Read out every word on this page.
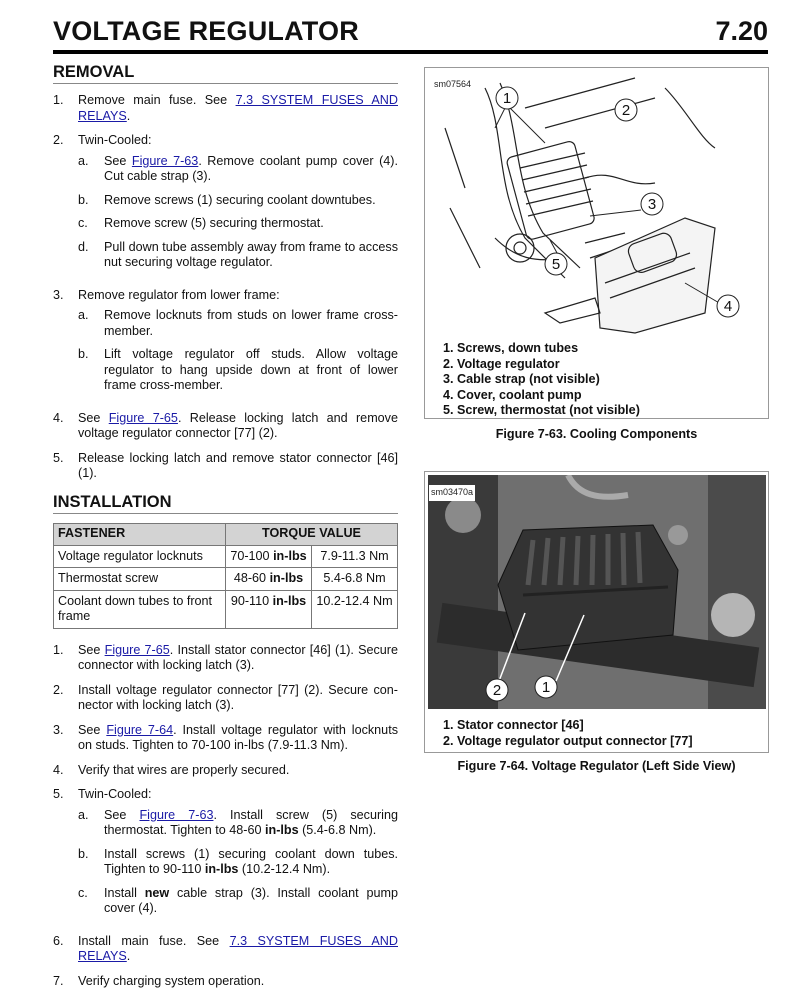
VOLTAGE REGULATOR	7.20
REMOVAL
1.	Remove main fuse. See 7.3 SYSTEM FUSES AND RELAYS.
2.	Twin-Cooled:
a.	See Figure 7-63. Remove coolant pump cover (4). Cut cable strap (3).
b.	Remove screws (1) securing coolant downtubes.
c.	Remove screw (5) securing thermostat.
d.	Pull down tube assembly away from frame to access nut securing voltage regulator.
3.	Remove regulator from lower frame:
a.	Remove locknuts from studs on lower frame cross-member.
b.	Lift voltage regulator off studs. Allow voltage regulator to hang upside down at front of lower frame cross-member.
4.	See Figure 7-65. Release locking latch and remove voltage regulator connector [77] (2).
5.	Release locking latch and remove stator connector [46] (1).
INSTALLATION
FASTENER	TORQUE VALUE	
Voltage regulator locknuts	70-100 in-lbs	7.9-11.3 Nm
Thermostat screw	48-60 in-lbs	5.4-6.8 Nm
Coolant down tubes to front frame	90-110 in-lbs	10.2-12.4 Nm
1.	See Figure 7-65. Install stator connector [46] (1). Secure connector with locking latch (3).
2.	Install voltage regulator connector [77] (2). Secure con-nector with locking latch (3).
3.	See Figure 7-64. Install voltage regulator with locknuts on studs. Tighten to 70-100 in-lbs (7.9-11.3 Nm).
4.	Verify that wires are properly secured.
5.	Twin-Cooled:
a.	See Figure 7-63. Install screw (5) securing thermostat. Tighten to 48-60 in-lbs (5.4-6.8 Nm).
b.	Install screws (1) securing coolant down tubes. Tighten to 90-110 in-lbs (10.2-12.4 Nm).
c.	Install new cable strap (3). Install coolant pump cover (4).
6.	Install main fuse. See 7.3 SYSTEM FUSES AND RELAYS.
7.	Verify charging system operation.
sm07564
1
2
3
4
5
1. Screws, down tubes
2. Voltage regulator
3. Cable strap (not visible)
4. Cover, coolant pump
5. Screw, thermostat (not visible)
Figure 7-63. Cooling Components
2	1
sm03470a
1. Stator connector [46]
2. Voltage regulator output connector [77]
Figure 7-64. Voltage Regulator (Left Side View)
